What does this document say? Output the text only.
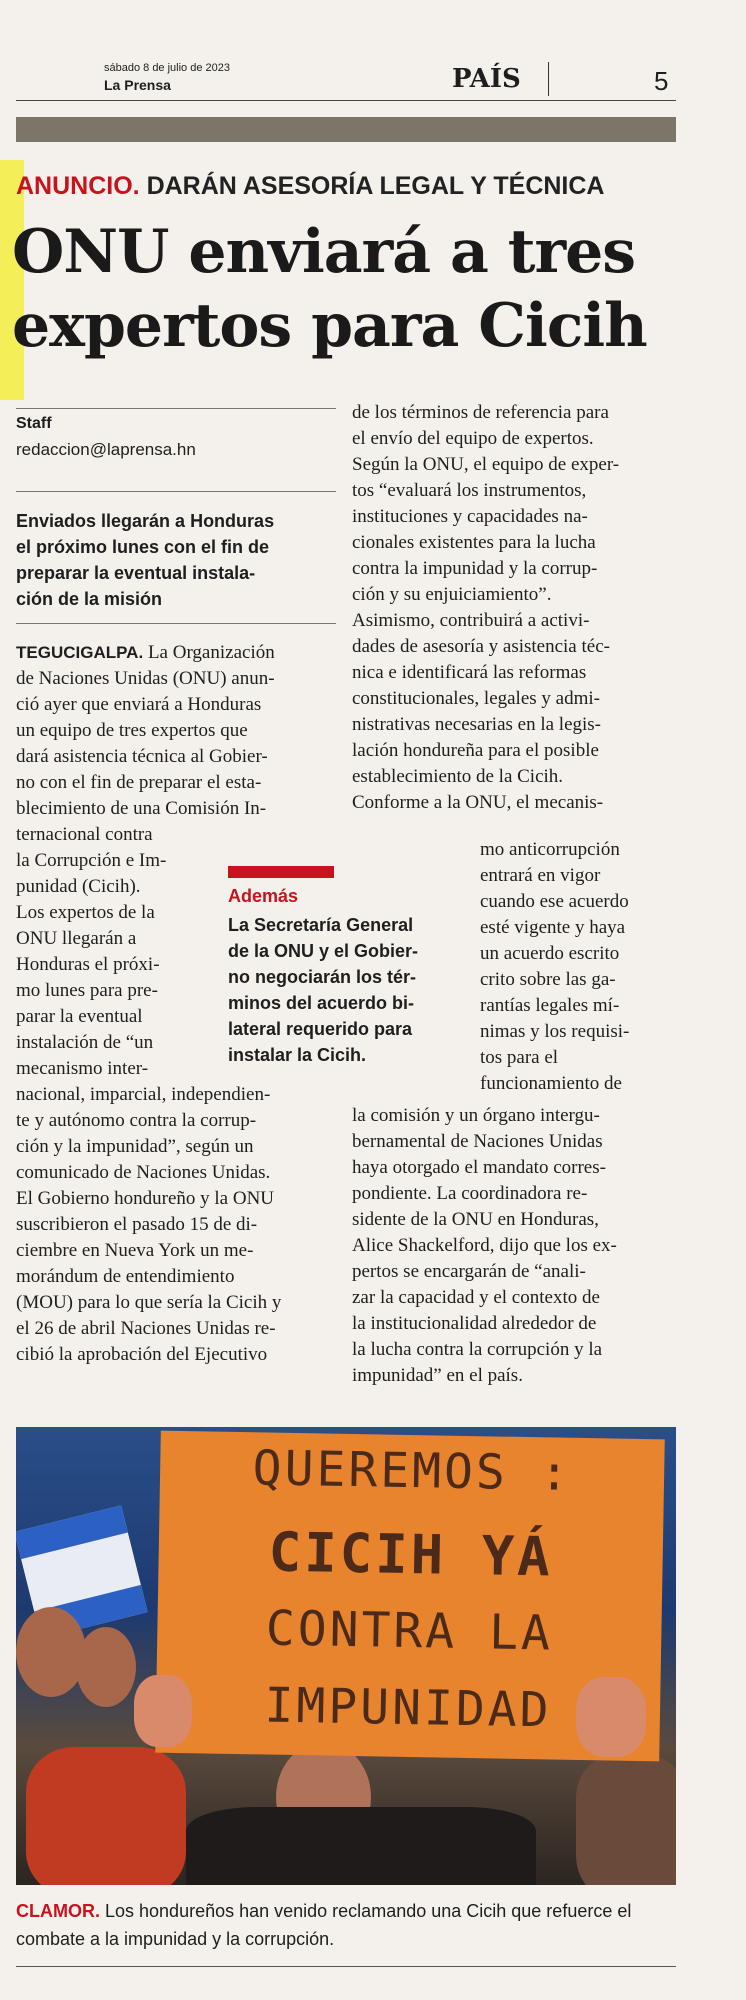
sábado 8 de julio de 2023
La Prensa	PAÍS	5
ANUNCIO. DARÁN ASESORÍA LEGAL Y TÉCNICA
ONU enviará a tres
expertos para Cicih
Staff
redaccion@laprensa.hn
Enviados llegarán a Honduras
el próximo lunes con el fin de
preparar la eventual instala-
ción de la misión
TEGUCIGALPA. La Organización
de Naciones Unidas (ONU) anun-
ció ayer que enviará a Honduras
un equipo de tres expertos que
dará asistencia técnica al Gobier-
no con el fin de preparar el esta-
blecimiento de una Comisión In-
ternacional contra
la Corrupción e Im-
punidad (Cicih).
Los expertos de la
ONU llegarán a
Honduras el próxi-
mo lunes para pre-
parar la eventual
instalación de “un
mecanismo inter-
nacional, imparcial, independien-
te y autónomo contra la corrup-
ción y la impunidad”, según un
comunicado de Naciones Unidas.
El Gobierno hondureño y la ONU
suscribieron el pasado 15 de di-
ciembre en Nueva York un me-
morándum de entendimiento
(MOU) para lo que sería la Cicih y
el 26 de abril Naciones Unidas re-
cibió la aprobación del Ejecutivo
Además
La Secretaría General
de la ONU y el Gobier-
no negociarán los tér-
minos del acuerdo bi-
lateral requerido para
instalar la Cicih.
de los términos de referencia para
el envío del equipo de expertos.
Según la ONU, el equipo de exper-
tos “evaluará los instrumentos,
instituciones y capacidades na-
cionales existentes para la lucha
contra la impunidad y la corrup-
ción y su enjuiciamiento”.
Asimismo, contribuirá a activi-
dades de asesoría y asistencia téc-
nica e identificará las reformas
constitucionales, legales y admi-
nistrativas necesarias en la legis-
lación hondureña para el posible
establecimiento de la Cicih.
Conforme a la ONU, el mecanis-
mo anticorrupción
entrará en vigor
cuando ese acuerdo
esté vigente y haya
un acuerdo escrito
crito sobre las ga-
rantías legales mí-
nimas y los requisi-
tos para el
funcionamiento de
la comisión y un órgano intergu-
bernamental de Naciones Unidas
haya otorgado el mandato corres-
pondiente. La coordinadora re-
sidente de la ONU en Honduras,
Alice Shackelford, dijo que los ex-
pertos se encargarán de “anali-
zar la capacidad y el contexto de
la institucionalidad alrededor de
la lucha contra la corrupción y la
impunidad” en el país.
QUEREMOS :
CICIH YÁ
CONTRA LA
IMPUNIDAD
CLAMOR. Los hondureños han venido reclamando una Cicih que refuerce el combate a la impunidad y la corrupción.
